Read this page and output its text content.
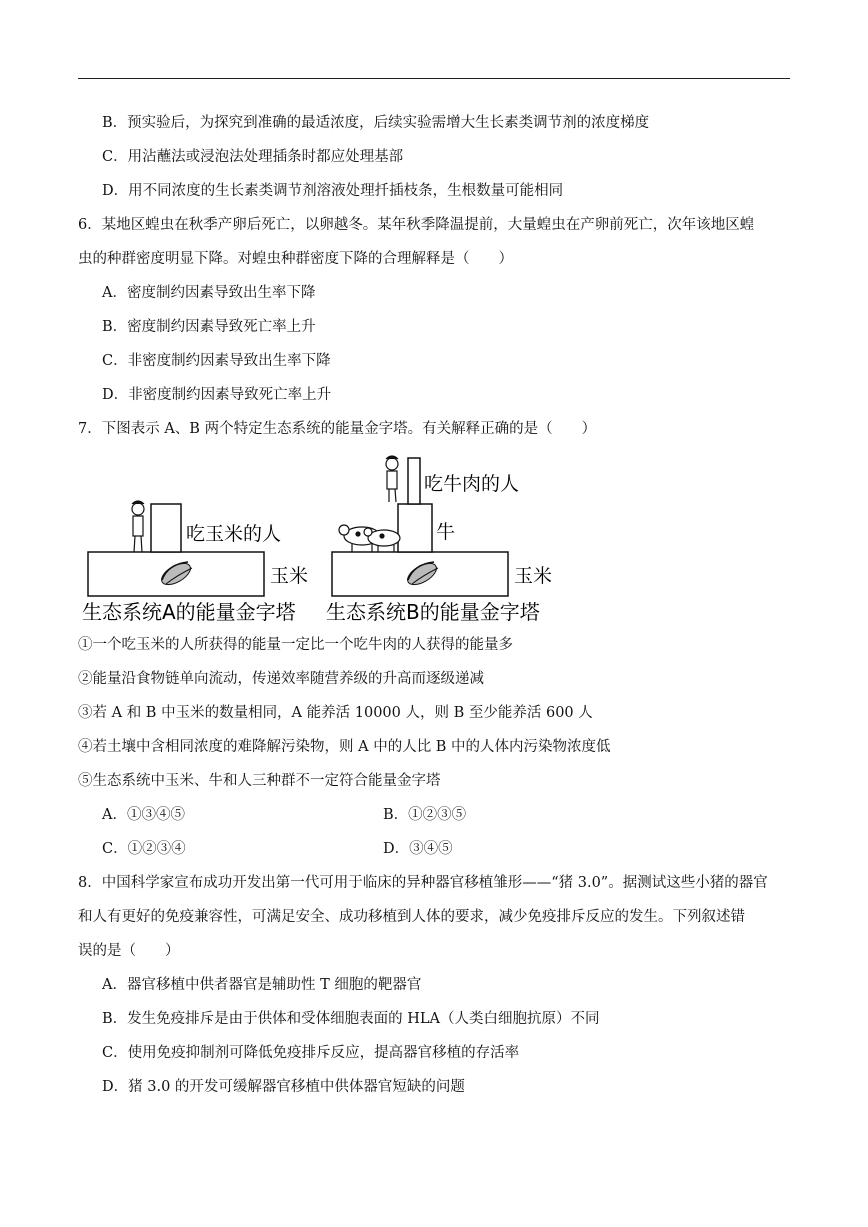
B．预实验后，为探究到准确的最适浓度，后续实验需增大生长素类调节剂的浓度梯度
C．用沾蘸法或浸泡法处理插条时都应处理基部
D．用不同浓度的生长素类调节剂溶液处理扦插枝条，生根数量可能相同
6．某地区蝗虫在秋季产卵后死亡，以卵越冬。某年秋季降温提前，大量蝗虫在产卵前死亡，次年该地区蝗
虫的种群密度明显下降。对蝗虫种群密度下降的合理解释是（　　）
A．密度制约因素导致出生率下降
B．密度制约因素导致死亡率上升
C．非密度制约因素导致出生率下降
D．非密度制约因素导致死亡率上升
7．下图表示 A、B 两个特定生态系统的能量金字塔。有关解释正确的是（　　）
吃玉米的人
玉米
生态系统A的能量金字塔
吃牛肉的人
牛
玉米
生态系统B的能量金字塔
①一个吃玉米的人所获得的能量一定比一个吃牛肉的人获得的能量多
②能量沿食物链单向流动，传递效率随营养级的升高而逐级递减
③若 A 和 B 中玉米的数量相同，A 能养活 10000 人，则 B 至少能养活 600 人
④若土壤中含相同浓度的难降解污染物，则 A 中的人比 B 中的人体内污染物浓度低
⑤生态系统中玉米、牛和人三种群不一定符合能量金字塔
A．①③④⑤	B．①②③⑤
C．①②③④	D．③④⑤
8．中国科学家宣布成功开发出第一代可用于临床的异种器官移植雏形——“猪 3.0”。据测试这些小猪的器官
和人有更好的免疫兼容性，可满足安全、成功移植到人体的要求，减少免疫排斥反应的发生。下列叙述错
误的是（　　）
A．器官移植中供者器官是辅助性 T 细胞的靶器官
B．发生免疫排斥是由于供体和受体细胞表面的 HLA（人类白细胞抗原）不同
C．使用免疫抑制剂可降低免疫排斥反应，提高器官移植的存活率
D．猪 3.0 的开发可缓解器官移植中供体器官短缺的问题
